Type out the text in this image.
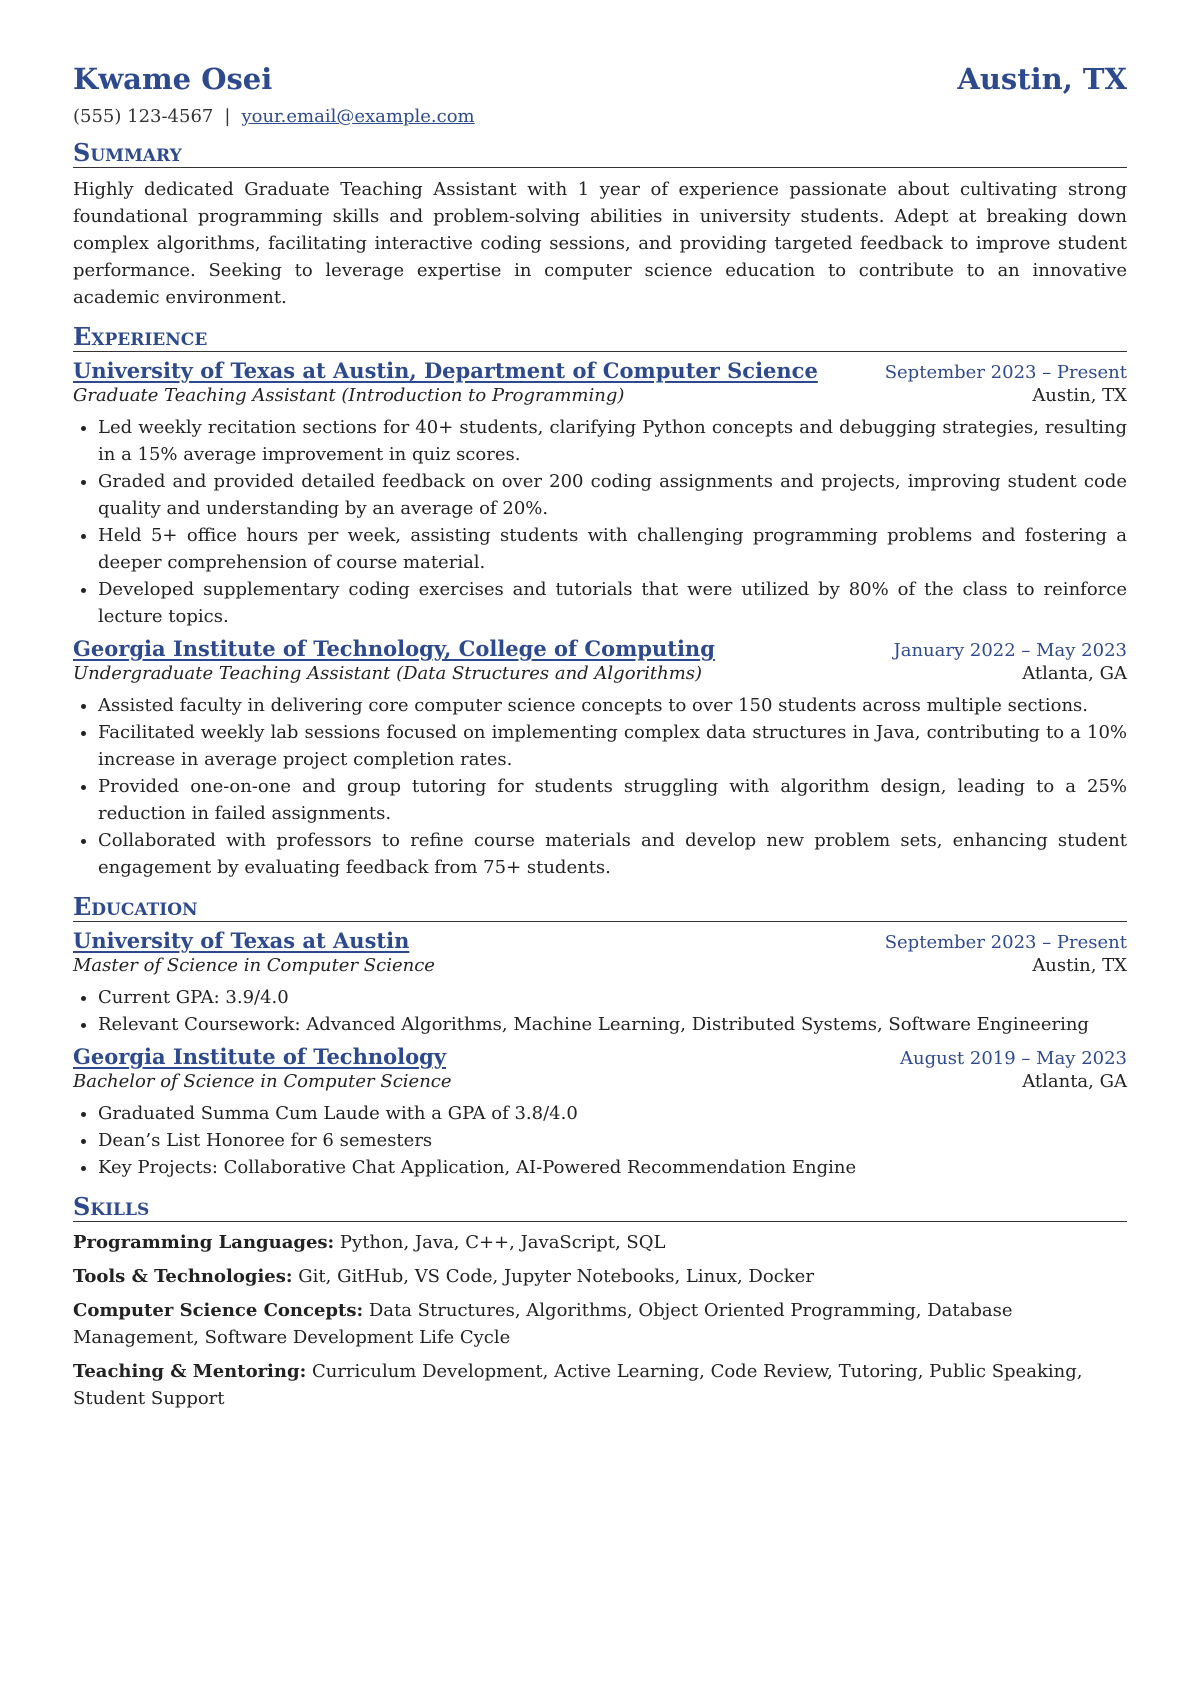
Kwame Osei	Austin, TX
(555) 123-4567 | your.email@example.com
Summary
Highly dedicated Graduate Teaching Assistant with 1 year of experience passionate about cultivating strong foundational programming skills and problem-solving abilities in university students. Adept at breaking down complex algorithms, facilitating interactive coding sessions, and providing targeted feedback to improve student performance. Seeking to leverage expertise in computer science education to contribute to an innovative academic environment.
Experience
University of Texas at Austin, Department of Computer Science	September 2023 – Present
Graduate Teaching Assistant (Introduction to Programming)	Austin, TX
• Led weekly recitation sections for 40+ students, clarifying Python concepts and debugging strategies, resulting in a 15% average improvement in quiz scores.
• Graded and provided detailed feedback on over 200 coding assignments and projects, improving student code quality and understanding by an average of 20%.
• Held 5+ office hours per week, assisting students with challenging programming problems and fostering a deeper comprehension of course material.
• Developed supplementary coding exercises and tutorials that were utilized by 80% of the class to reinforce lecture topics.
Georgia Institute of Technology, College of Computing	January 2022 – May 2023
Undergraduate Teaching Assistant (Data Structures and Algorithms)	Atlanta, GA
• Assisted faculty in delivering core computer science concepts to over 150 students across multiple sections.
• Facilitated weekly lab sessions focused on implementing complex data structures in Java, contributing to a 10% increase in average project completion rates.
• Provided one-on-one and group tutoring for students struggling with algorithm design, leading to a 25% reduction in failed assignments.
• Collaborated with professors to refine course materials and develop new problem sets, enhancing student engagement by evaluating feedback from 75+ students.
Education
University of Texas at Austin	September 2023 – Present
Master of Science in Computer Science	Austin, TX
• Current GPA: 3.9/4.0
• Relevant Coursework: Advanced Algorithms, Machine Learning, Distributed Systems, Software Engineering
Georgia Institute of Technology	August 2019 – May 2023
Bachelor of Science in Computer Science	Atlanta, GA
• Graduated Summa Cum Laude with a GPA of 3.8/4.0
• Dean’s List Honoree for 6 semesters
• Key Projects: Collaborative Chat Application, AI-Powered Recommendation Engine
Skills
Programming Languages: Python, Java, C++, JavaScript, SQL
Tools & Technologies: Git, GitHub, VS Code, Jupyter Notebooks, Linux, Docker
Computer Science Concepts: Data Structures, Algorithms, Object Oriented Programming, Database Management, Software Development Life Cycle
Teaching & Mentoring: Curriculum Development, Active Learning, Code Review, Tutoring, Public Speaking, Student Support
